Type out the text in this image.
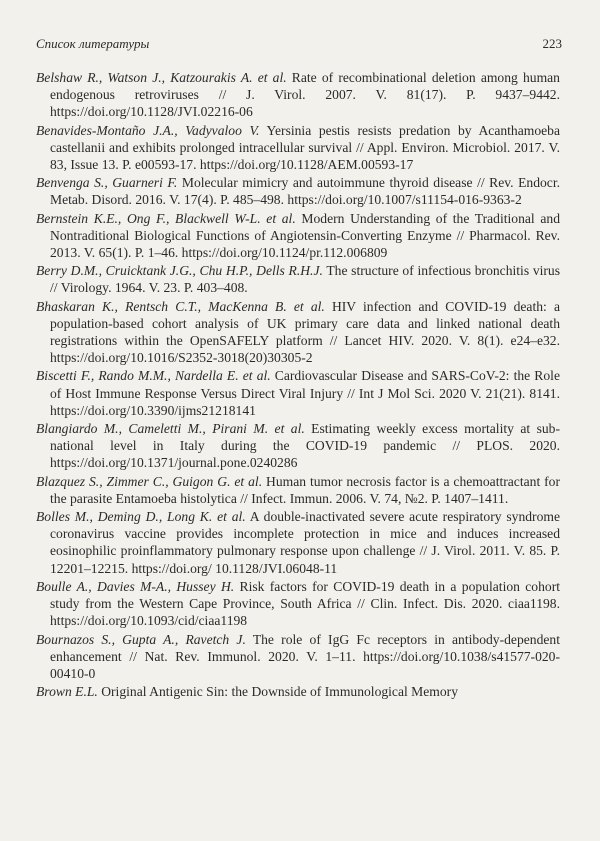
Список литературы	223

Belshaw R., Watson J., Katzourakis A. et al. Rate of recombinational deletion among human endogenous retroviruses // J. Virol. 2007. V. 81(17). P. 9437–9442. https://doi.org/10.1128/JVI.02216-06

Benavides-Montaño J.A., Vadyvaloo V. Yersinia pestis resists predation by Acanthamoeba castellanii and exhibits prolonged intracellular survival // Appl. Environ. Microbiol. 2017. V. 83, Issue 13. P. e00593-17. https://doi.org/10.1128/AEM.00593-17

Benvenga S., Guarneri F. Molecular mimicry and autoimmune thyroid disease // Rev. Endocr. Metab. Disord. 2016. V. 17(4). P. 485–498. https://doi.org/10.1007/s11154-016-9363-2

Bernstein K.E., Ong F., Blackwell W-L. et al. Modern Understanding of the Traditional and Nontraditional Biological Functions of Angiotensin-Converting Enzyme // Pharmacol. Rev. 2013. V. 65(1). P. 1–46. https://doi.org/10.1124/pr.112.006809

Berry D.M., Cruicktank J.G., Chu H.P., Dells R.H.J. The structure of infectious bronchitis virus // Virology. 1964. V. 23. P. 403–408.

Bhaskaran K., Rentsch C.T., MacKenna B. et al. HIV infection and COVID-19 death: a population-based cohort analysis of UK primary care data and linked national death registrations within the OpenSAFELY platform // Lancet HIV. 2020. V. 8(1). e24–e32. https://doi.org/10.1016/S2352-3018(20)30305-2

Biscetti F., Rando M.M., Nardella E. et al. Cardiovascular Disease and SARS-CoV-2: the Role of Host Immune Response Versus Direct Viral Injury // Int J Mol Sci. 2020 V. 21(21). 8141. https://doi.org/10.3390/ijms21218141

Blangiardo M., Cameletti M., Pirani M. et al. Estimating weekly excess mortality at sub-national level in Italy during the COVID-19 pandemic // PLOS. 2020. https://doi.org/10.1371/journal.pone.0240286

Blazquez S., Zimmer C., Guigon G. et al. Human tumor necrosis factor is a chemoattractant for the parasite Entamoeba histolytica // Infect. Immun. 2006. V. 74, №2. P. 1407–1411.

Bolles M., Deming D., Long K. et al. A double-inactivated severe acute respiratory syndrome coronavirus vaccine provides incomplete protection in mice and induces increased eosinophilic proinflammatory pulmonary response upon challenge // J. Virol. 2011. V. 85. P. 12201–12215. https://doi.org/ 10.1128/JVI.06048-11

Boulle A., Davies M-A., Hussey H. Risk factors for COVID-19 death in a population cohort study from the Western Cape Province, South Africa // Clin. Infect. Dis. 2020. ciaa1198. https://doi.org/10.1093/cid/ciaa1198

Bournazos S., Gupta A., Ravetch J. The role of IgG Fc receptors in antibody-dependent enhancement // Nat. Rev. Immunol. 2020. V. 1–11. https://doi.org/10.1038/s41577-020-00410-0

Brown E.L. Original Antigenic Sin: the Downside of Immunological Memory
